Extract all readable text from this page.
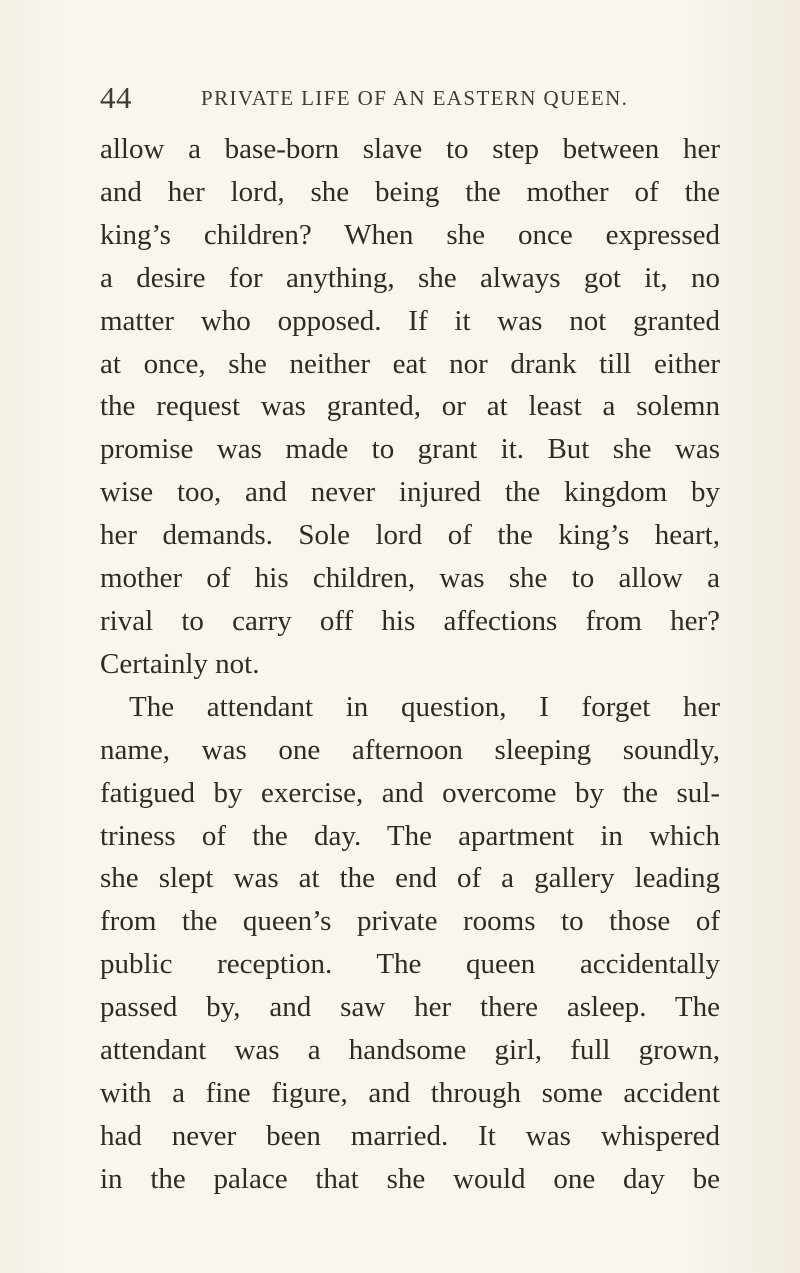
44	PRIVATE LIFE OF AN EASTERN QUEEN.
allow a base-born slave to step between her
and her lord, she being the mother of the
king’s children? When she once expressed
a desire for anything, she always got it, no
matter who opposed. If it was not granted
at once, she neither eat nor drank till either
the request was granted, or at least a solemn
promise was made to grant it. But she was
wise too, and never injured the kingdom by
her demands. Sole lord of the king’s heart,
mother of his children, was she to allow a
rival to carry off his affections from her?
Certainly not.
The attendant in question, I forget her
name, was one afternoon sleeping soundly,
fatigued by exercise, and overcome by the sul-
triness of the day. The apartment in which
she slept was at the end of a gallery leading
from the queen’s private rooms to those of
public reception. The queen accidentally
passed by, and saw her there asleep. The
attendant was a handsome girl, full grown,
with a fine figure, and through some accident
had never been married. It was whispered
in the palace that she would one day be
